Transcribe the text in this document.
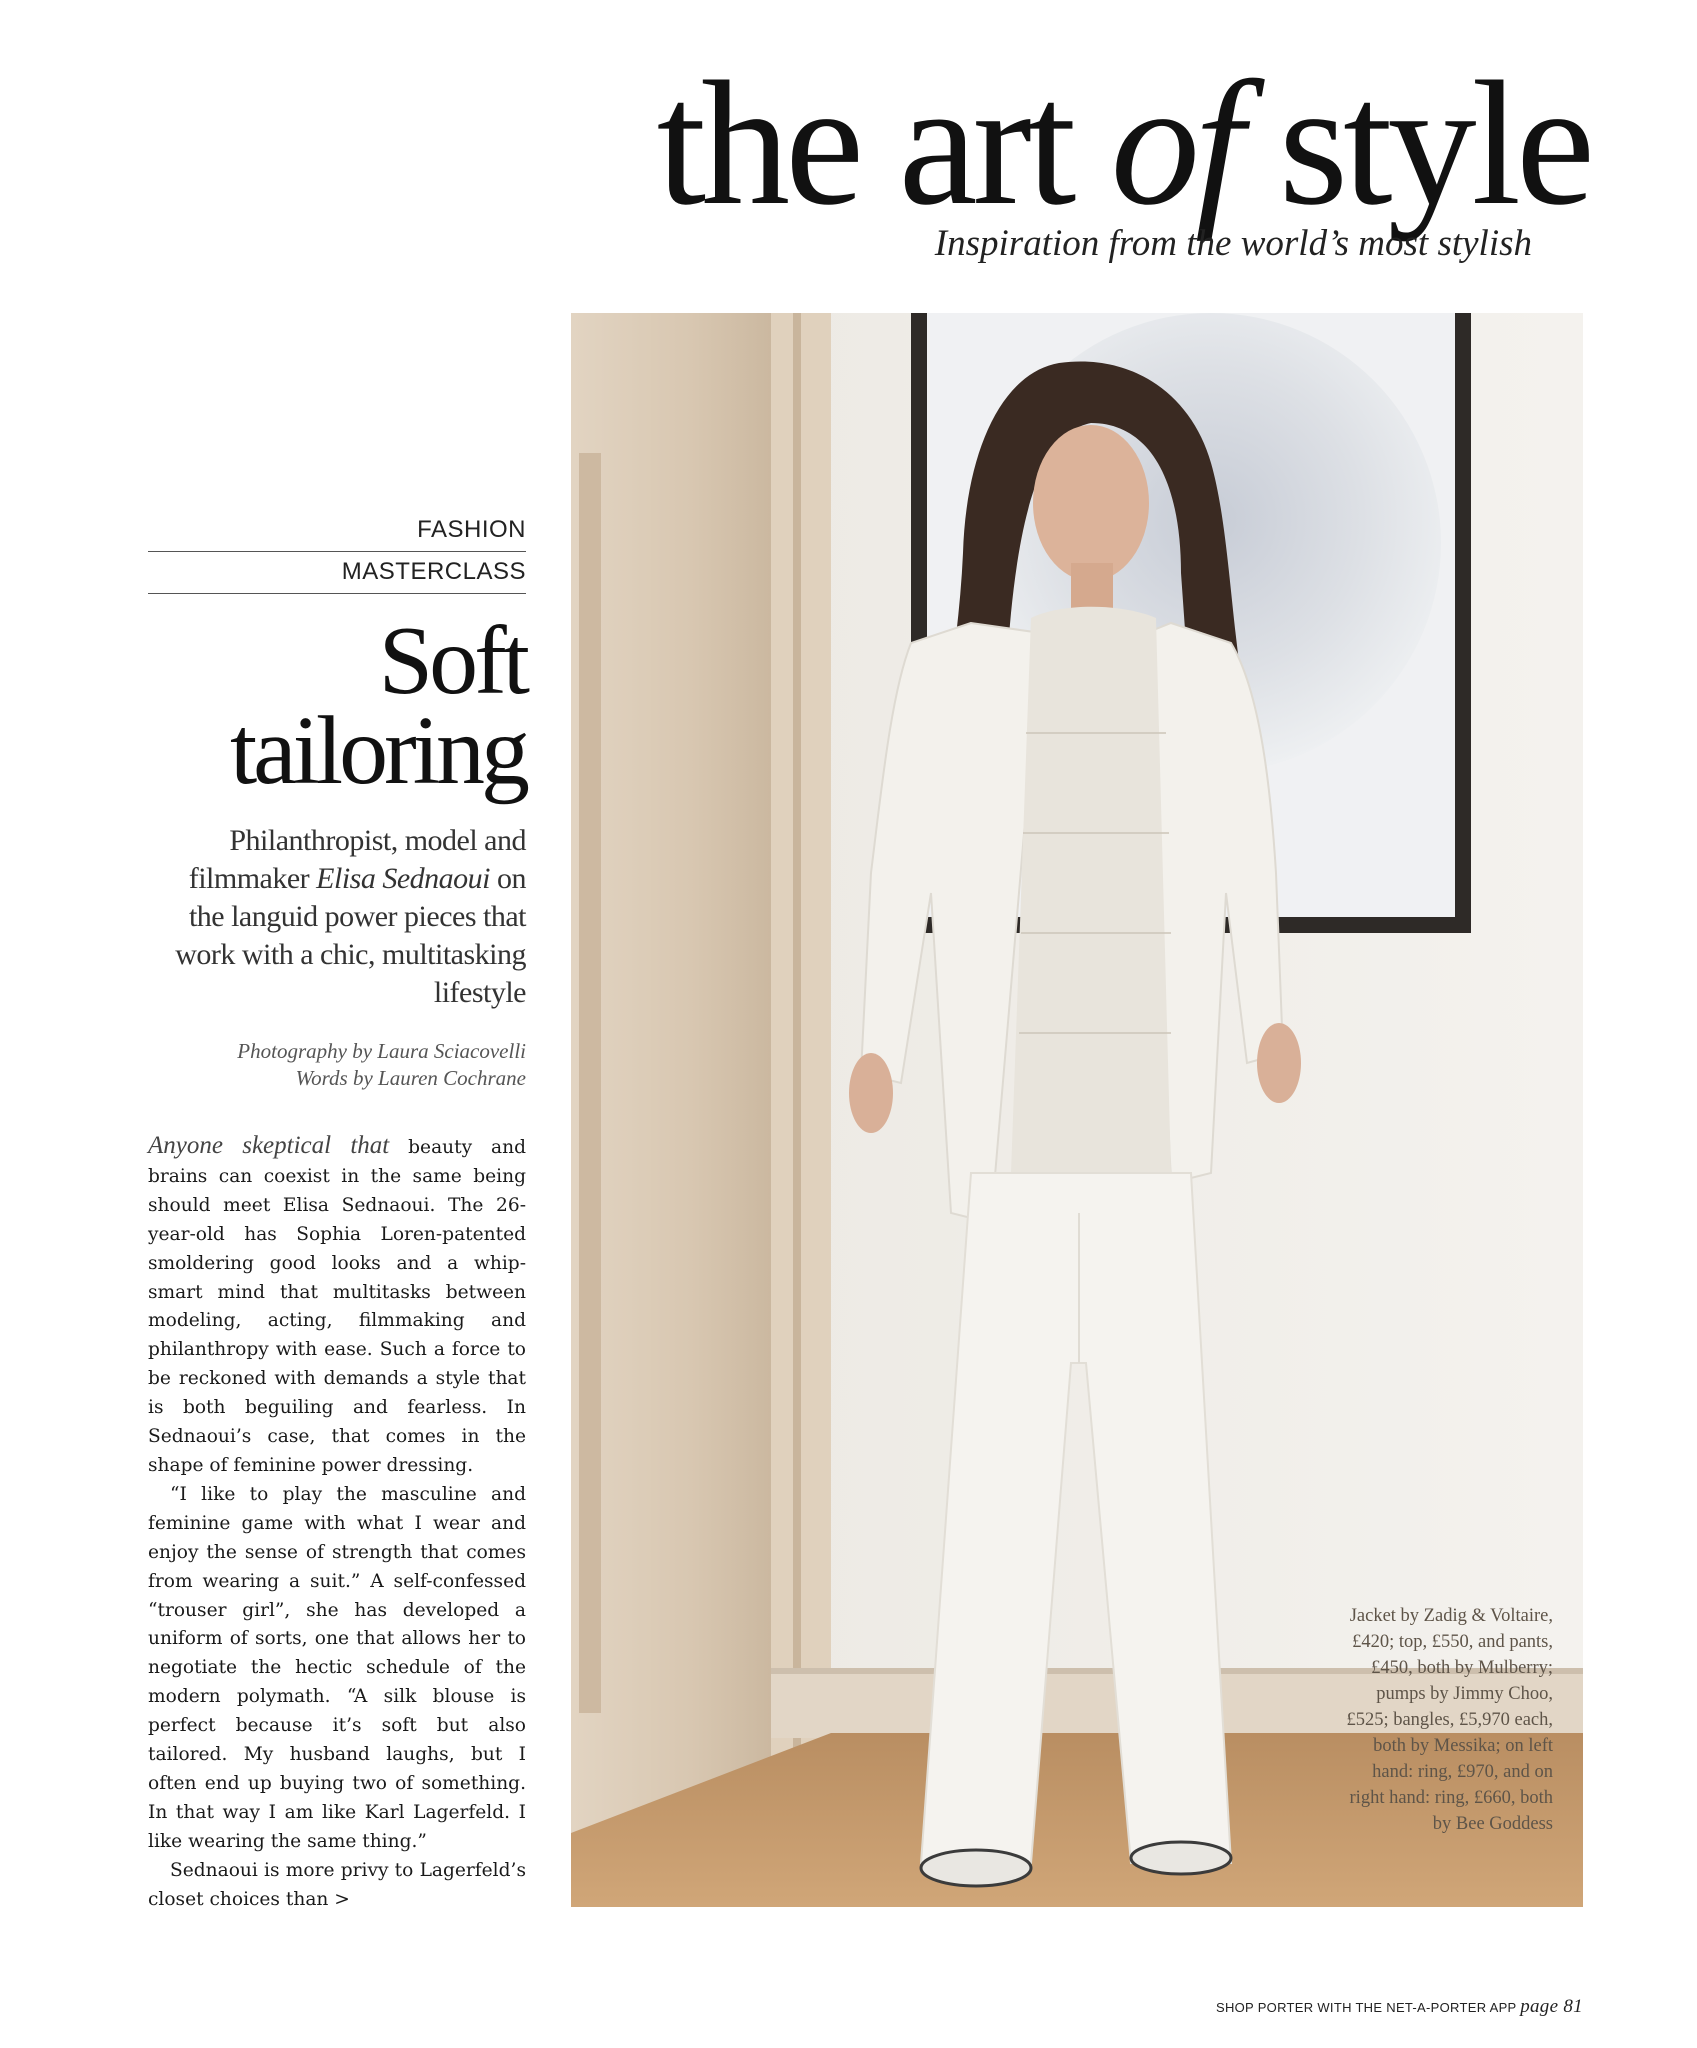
the art of style
Inspiration from the world’s most stylish
Jacket by Zadig & Voltaire, £420; top, £550, and pants, £450, both by Mulberry; pumps by Jimmy Choo, £525; bangles, £5,970 each, both by Messika; on left hand: ring, £970, and on right hand: ring, £660, both by Bee Goddess
FASHION
MASTERCLASS
Soft
tailoring
Philanthropist, model and filmmaker Elisa Sednaoui on the languid power pieces that work with a chic, multitasking lifestyle
Photography by Laura Sciacovelli
Words by Lauren Cochrane

Anyone skeptical that beauty and brains can coexist in the same being should meet Elisa Sednaoui. The 26-year-old has Sophia Loren-patented smoldering good looks and a whip-smart mind that multitasks between modeling, acting, filmmaking and philanthropy with ease. Such a force to be reckoned with demands a style that is both beguiling and fearless. In Sednaoui’s case, that comes in the shape of feminine power dressing.

“I like to play the masculine and feminine game with what I wear and enjoy the sense of strength that comes from wearing a suit.” A self-confessed “trouser girl”, she has developed a uniform of sorts, one that allows her to negotiate the hectic schedule of the modern polymath. “A silk blouse is perfect because it’s soft but also tailored. My husband laughs, but I often end up buying two of something. In that way I am like Karl Lagerfeld. I like wearing the same thing.”

Sednaoui is more privy to Lagerfeld’s closet choices than >

SHOP PORTER WITH THE NET-A-PORTER APP page 81
